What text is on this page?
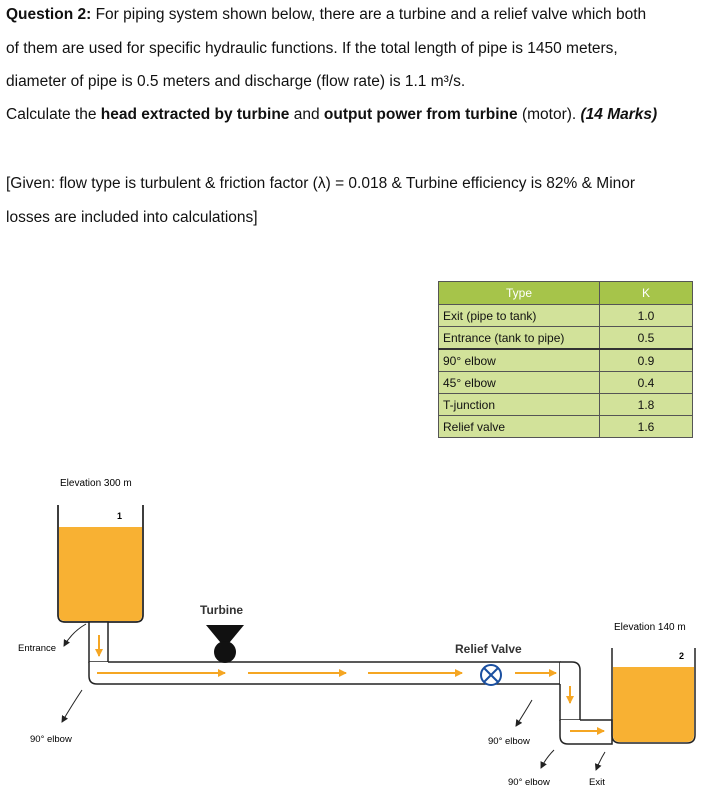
Question 2: For piping system shown below, there are a turbine and a relief valve which both
of them are used for specific hydraulic functions. If the total length of pipe is 1450 meters,
diameter of pipe is 0.5 meters and discharge (flow rate) is 1.1 m³/s.
Calculate the head extracted by turbine and output power from turbine (motor). (14 Marks)
[Given: flow type is turbulent & friction factor (λ) = 0.018 & Turbine efficiency is 82% & Minor
losses are included into calculations]
Type	K
Exit (pipe to tank)	1.0
Entrance (tank to pipe)	0.5
90° elbow	0.9
45° elbow	0.4
T-junction	1.8
Relief valve	1.6
Elevation 300 m
1
Elevation 140 m
2
Turbine
Relief Valve
Entrance
90° elbow	90° elbow
90° elbow	Exit
